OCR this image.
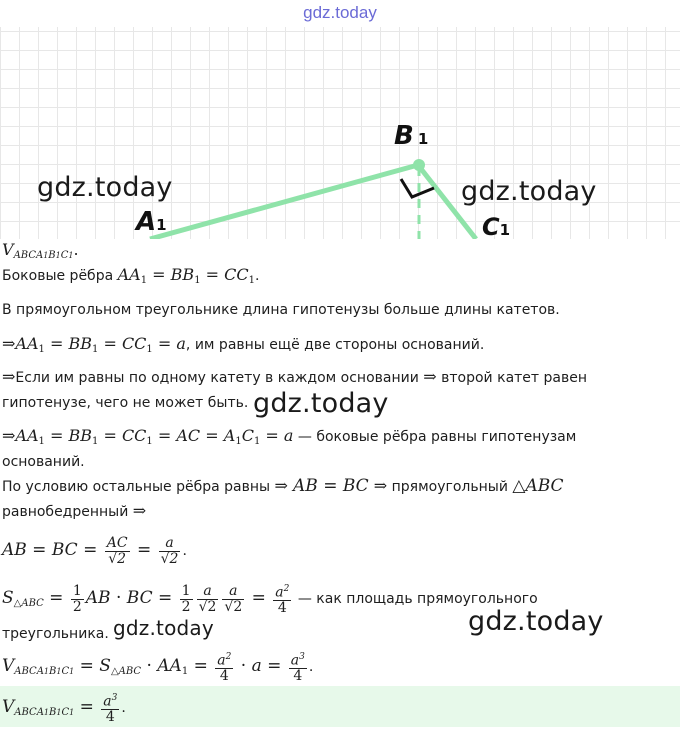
gdz.today
B 1
A1	C1
$V_{ABCA1B1C1}$.
Боковые рёбра $AA_1 = BB_1 = CC_1$.
В прямоугольном треугольнике длина гипотенузы больше длины катетов.
$\Rightarrow AA_1 = BB_1 = CC_1 = a$, им равны ещё две стороны оснований.
⇒Если им равны по одному катету в каждом основании ⇒ второй катет равен
гипотенузе, чего не может быть.
$\Rightarrow AA_1 = BB_1 = CC_1$ = AC = $A_1C_1 = a$ — боковые рёбра равны гипотенузам
оснований.
По условию остальные рёбра равны ⇒ AB = BC ⇒ прямоугольный △ABC
равнобедренный ⇒
AB = BC = $\frac{AC}{√2} = \frac{a}{√2}$ .
$S_{\triangle ABC} = \frac{1}{2}$ AB · BC = $\frac{1}{2} \frac{a}{√2} \frac{a}{√2} = \frac{a^2}{4}$ — как площадь прямоугольного
треугольника.
$V_{ABCA1B1C1} = S_{\triangle ABC} \cdot AA_1 = \frac{a^2}{4} \cdot a = \frac{a^3}{4}$ .
$V_{ABCA1B1C1} = \frac{a^3}{4}$ .
gdz.today	gdz.today
gdz.today
gdz.today	gdz.today
